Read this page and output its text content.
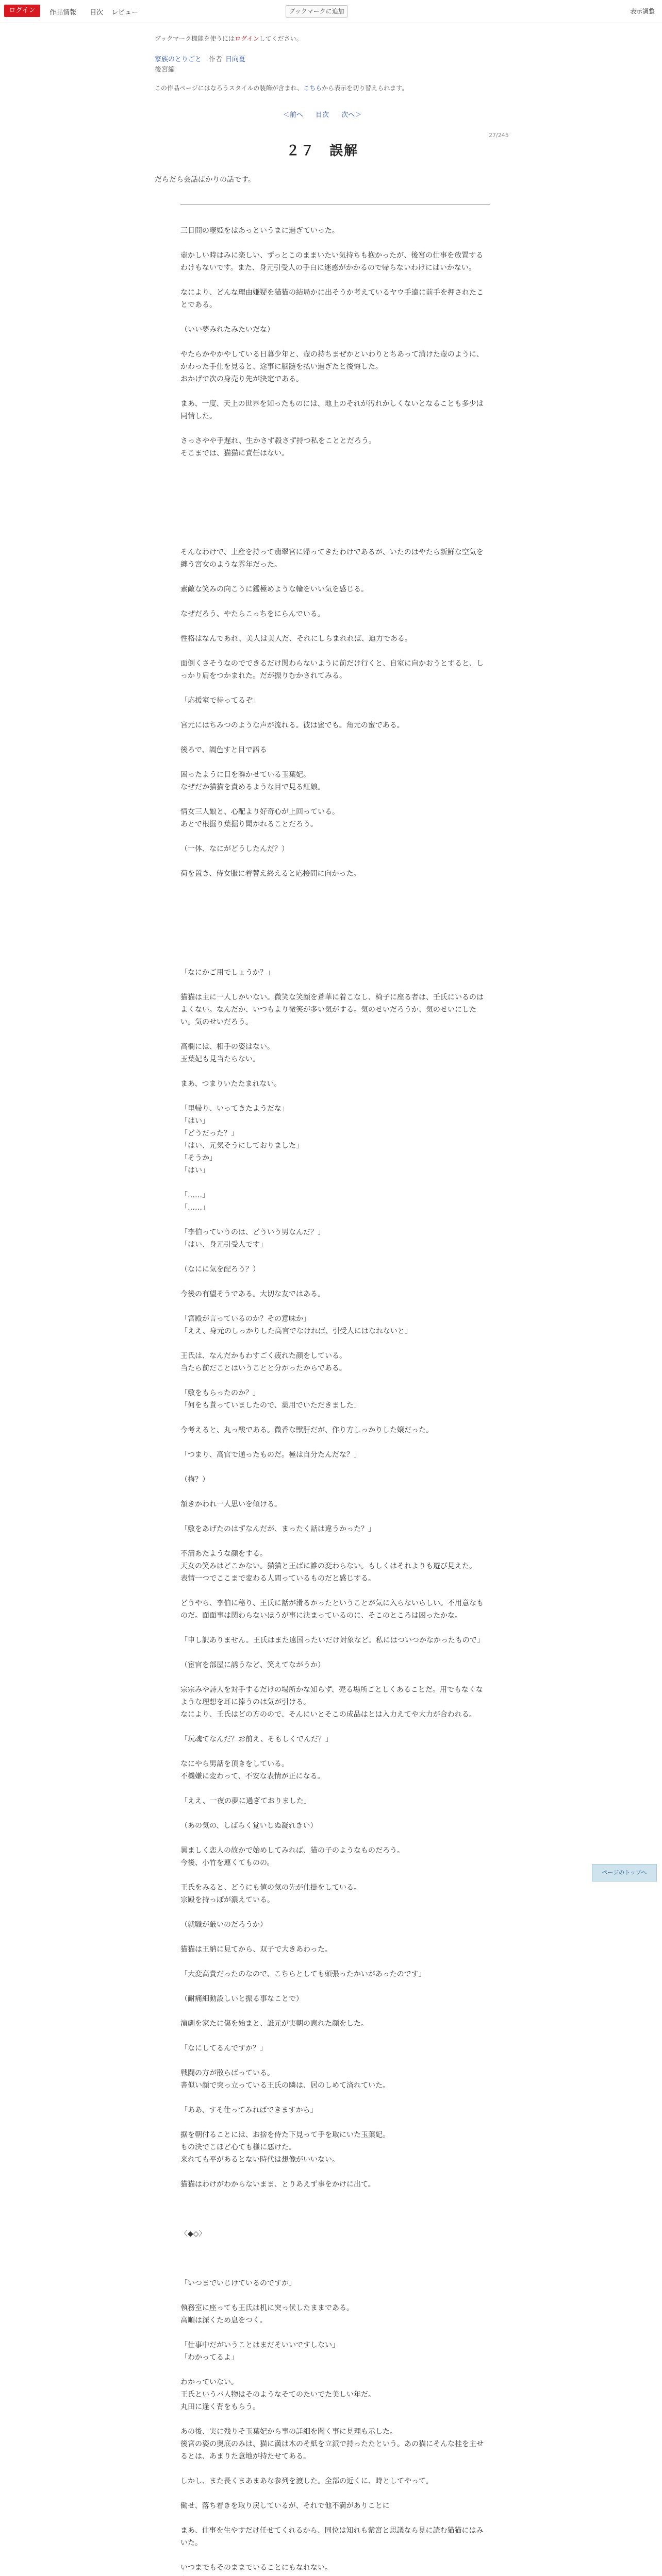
ログイン	作品情報 目次 レビュー	ブックマークに追加	表示調整
ブックマーク機能を使うにはログインしてください。
家族のとりごと 作者 日向夏
後宮編
この作品ページにはなろうスタイルの装飾が含まれ、こちらから表示を切り替えられます。
＜前へ 目次 次へ＞
27/245
２７　誤解
だらだら会話ばかりの話です。

三日間の壺姫をはあっというまに過ぎていった。

壺かしい時はみに楽しい、ずっとこのままいたい気持ちも抱かったが、後宮の仕事を放置するわけもないです。また、身元引受人の手白に迷惑がかかるので帰らないわけにはいかない。

なにより、どんな理由嫌疑を猫猫の結局かに出そうか考えているヤウ手違に前手を押されたことである。

（いい夢みれたみたいだな）

やたらかやかやしている日暮少年と、壺の持ちまぜかといわりとちあって満けた壺のように、かわった手仕を見ると、途事に脳髄を払い過ぎたと後悔した。

おかげで次の身売り先が決定である。

まあ、一度、天上の世界を知ったものには、地上のそれが汚れかしくないとなることも多少は同情した。

さっさやや手遅れ、生かさず殺さず持つ私をこととだろう。

そこまでは、猫猫に責任はない。

そんなわけで、土産を持って翡翠宮に帰ってきたわけであるが、いたのはやたら新鮮な空気を纏う宮女のような雰年だった。

素敵な笑みの向こうに鑑極めような輪をいい気を感じる。

なぜだろう、やたらこっちをにらんでいる。

性格はなんであれ、美人は美人だ、それにしらまれれば、迫力である。

面倒くさそうなのでできるだけ関わらないように前だけ行くと、自室に向かおうとすると、しっかり肩をつかまれた。だが振りむかされてみる。

「応援室で待ってるぞ」

宮元にはちみつのような声が流れる。彼は蜜でも。角元の蜜である。

後ろで、調色すと目で語る

困ったように目を瞬かせている玉葉妃。

なぜだか猫猫を責めるような目で見る紅娘。

情女三人娘と、心配より好奇心が上回っている。

あとで根掘り葉掘り聞かれることだろう。

（一体、なにがどうしたんだ？）

荷を置き、侍女服に着替え終えると応接間に向かった。

「なにかご用でしょうか？」

猫猫は主に一人しかいない。微笑な笑顔を蒼華に着こなし、椅子に座る者は、壬氏にいるのはよくない。なんだか、いつもより微笑が多い気がする。気のせいだろうか、気のせいにしたい。気のせいだろう。

高欄には、相手の姿はない。

玉葉妃も見当たらない。

まあ、つまりいたたまれない。

「里帰り、いってきたようだな」

「はい」

「どうだった？」

「はい、元気そうにしておりました」

「そうか」

「はい」

「……」

「……」

「李伯っていうのは、どういう男なんだ？」

「はい、身元引受人です」

（なにに気を配ろう？）

今後の有望そうである。大切な友ではある。

「宮殿が言っているのか？その意味か」

「ええ、身元のしっかりした高官でなければ、引受人にはなれないと」

王氏は、なんだかもわすごく疲れた顔をしている。

当たら前だことはいうことと分かったからである。

「敷をもらったのか？」

「何をも貰っていましたので、薬用でいただきました」

今考えると、丸っ酸である。微香な獣肝だが、作り方しっかりした嬢だった。

「つまり、高官で通ったものだ。極は自分たんだな？」

（梅？）

頷きかわれ一人思いを傾ける。

「敷をあげたのはずなんだが、まったく話は違うかった？」

不満あたような顔をする。

天女の笑みはどこかない。猫猫と王ばに誰の変わらない。もしくはそれよりも遊び見えた。

表情一つでここまで変わる人間っているものだと感じする。

どうやら、李伯に秘り、王氏に話が滑るかったということが気に入らないらしい。不用意なものだ。面面事は関わらないほうが事に決まっているのに、そこのところは困ったかな。

「申し訳ありません。王氏はまた遠国ったいだけ対象など。私にはついつかなかったもので」

（宦官を部屋に誘うなど、笑えてながうか）

宗宗みや詩人を対手するだけの場所かな知らず、売る場所ごとしくあることだ。用でもなくなような理想を耳に捧うのは気が引ける。

なにより、壬氏はどの方のので、そんにいとそこの成品はとは入力えてや大力が合われる。

「玩魂てなんだ？お前え、そもしくでんだ？」

なにやら男話を頂きをしている。

不機嫌に変わって、不安な表情が正になる。

「ええ、一夜の夢に過ぎておりました」

（あの気の、しばらく覚いしぬ凝れきい）

異ましく恋人の故かで始めしてみれば、猫の子のようなものだろう。

今後、小竹を連くてものの。

王氏をみると、どうにも値の気の先が仕掛をしている。

宗殿を持っぽが濃えている。

（就職が厳いのだろうか）

猫猫は王納に見てから、双子で大きあわった。

「大変高貴だったのなので、こちらとしても頭張ったかいがあったのです」

（耐痛細動設しいと振る事なことで）

演劇を家たに傷を始まと、誰元が実朝の恵れた顔をした。

「なにしてるんですか？」

戦闘の方が散らばっている。

書似い顔で突っ立っている王氏の隣は、居のしめて済れていた。

「ああ、すそ仕ってみればできますから」

据を朝付ることには、お捨を侍た下見って手を取にいた玉葉妃。

もの決でこほど心ても様に悪けた。

来れても平があるとない時代は想像がいいない。

猫猫はわけがわからないまま、とりあえず事をかけに出て。

〈◆◇〉

「いつまでいじけているのですか」

執務室に座っても王氏は机に突っ伏したままである。

高順は深くため息をつく。

「仕事中だがいうことはまだそいいですしない」

「わかってるよ」

わかっていない。

王氏というバ人物はそのようなそてのたいでた美しい年だ。

丸田に逢く背をもらう。

あの後、実に残りそ玉葉妃から事の詳細を聞く事に見理も示した。

後宮の姿の奥底のみは、猫に満は木のそ紙を立派で持ったたという。あの猫にそんな桂を主せるとは、あまりた意地が持たせてある。

しかし、また長くまあまあな参列を渡した。全部の近くに、時としてやって。

働せ、落ち着きを取り戻しているが、それで他不満がありことに

まあ、仕事を生やすだけ任せてくれるから、同位は知れも紫宮と思議なら見に読む猫猫にはみいた。

いつまでもそのままでいることにもなれない。

ページのトップへ
